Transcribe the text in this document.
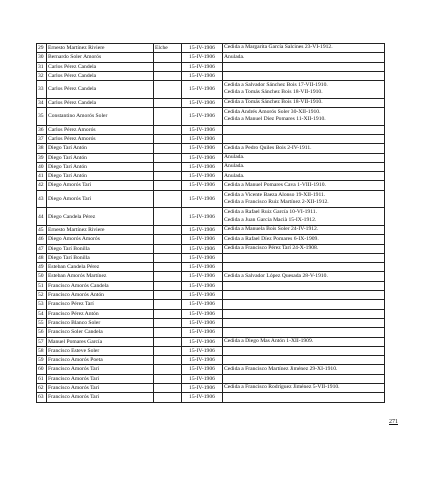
29	Ernesto Martínez Riviere	Elche	15-IV-1906	Cedida a Margarita García Salcines 23-VI-1912.

30	Bernardo Soler Amorós		15-IV-1906	Anulada.

31	Carlos Pérez Candela		15-IV-1906	
32	Carlos Pérez Candela		15-IV-1906	
33	Carlos Pérez Candela		15-IV-1906	Cedida a Salvador Sánchez Bois 17-VII-1910.
Cedida a Tomás Sánchez Bois 18-VII-1910.

34	Carlos Pérez Candela		15-IV-1906	Cedida a Tomás Sánchez Bois 18-VII-1910.

35	Constantino Amorós Soler		15-IV-1906	Cedida Andrés Amorós Soler 30-XII-1910.
Cedida a Manuel Díez Pomares 11-XII-1910.

36	Carlos Pérez Amorós		15-IV-1906	
37	Carlos Pérez Amorós		15-IV-1906	
38	Diego Tarí Antón		15-IV-1906	Cedida a Pedro Quiles Bois 2-IV-1911.

39	Diego Tarí Antón		15-IV-1906	Anulada.

40	Diego Tarí Antón		15-IV-1906	Anulada.

41	Diego Tarí Antón		15-IV-1906	Anulada.

42	Diego Amorós Tarí		15-IV-1906	Cedida a Manuel Pomares Cava 1-VIII-1910.

43	Diego Amorós Tarí		15-IV-1906	Cedida a Vicente Baeza Alonso 19-XII-1911.
Cedida a Francisco Ruiz Martínez 2-XII-1912.

44	Diego Candela Pérez		15-IV-1906	Cedida a Rafael Ruiz García 10-VI-1911.
Cedida a Juan García Macià 15-IX-1912.

45	Ernesto Martínez Riviere		15-IV-1906	Cedida a Manuela Bois Soler 24-IV-1912.

46	Diego Amorós Amorós		15-IV-1906	Cedida a Rafael Díez Pomares 6-IX-1909.

47	Diego Tarí Bonilla		15-IV-1906	Cedida a Francisco Pérez Tarí 24-X-1908.

48	Diego Tarí Bonilla		15-IV-1906	
49	Esteban Candela Pérez		15-IV-1906	
50	Esteban Amorós Martínez		15-IV-1906	Cedida a Salvador López Quesada 28-V-1910.

51	Francisco Amorós Candela		15-IV-1906	
52	Francisco Amorós Antón		15-IV-1906	
53	Francisco Pérez Tarí		15-IV-1906	
54	Francisco Pérez Antón		15-IV-1906	
55	Francisco Blanco Soler		15-IV-1906	
56	Francisco Soler Candela		15-IV-1906	
57	Manuel Pomares García		15-IV-1906	Cedida a Diego Mas Antón 1-XII-1909.

58	Francisco Esteve Soler		15-IV-1906	
59	Francisco Amorós Poeta		15-IV-1906	
60	Francisco Amorós Tarí		15-IV-1906	Cedida a Francisco Martínez Jiménez 29-XI-1910.

61	Francisco Amorós Tarí		15-IV-1906	
62	Francisco Amorós Tarí		15-IV-1906	Cedida a Francisco Rodríguez Jiménez 5-VII-1910.

63	Francisco Amorós Tarí		15-IV-1906	
271
